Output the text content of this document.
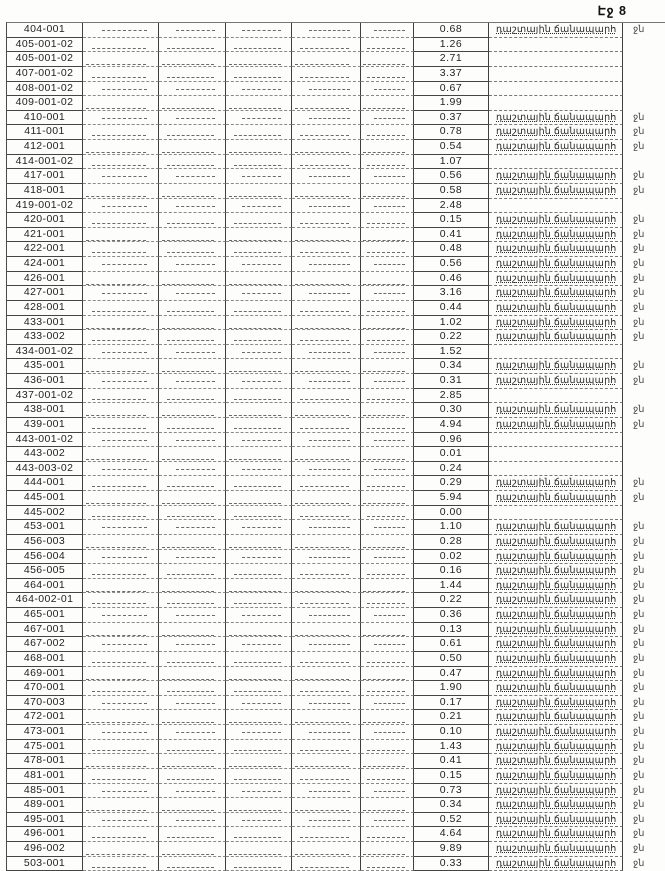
Էջ 8
404-001	0.68	դաշտային ճանապարհ	ջն
405-001-02	1.26
405-001-02	2.71
407-001-02	3.37
408-001-02	0.67
409-001-02	1.99
410-001	0.37	դաշտային ճանապարհ	ջն
411-001	0.78	դաշտային ճանապարհ	ջն
412-001	0.54	դաշտային ճանապարհ	ջն
414-001-02	1.07
417-001	0.56	դաշտային ճանապարհ	ջն
418-001	0.58	դաշտային ճանապարհ	ջն
419-001-02	2.48
420-001	0.15	դաշտային ճանապարհ	ջն
421-001	0.41	դաշտային ճանապարհ	ջն
422-001	0.48	դաշտային ճանապարհ	ջն
424-001	0.56	դաշտային ճանապարհ	ջն
426-001	0.46	դաշտային ճանապարհ	ջն
427-001	3.16	դաշտային ճանապարհ	ջն
428-001	0.44	դաշտային ճանապարհ	ջն
433-001	1.02	դաշտային ճանապարհ	ջն
433-002	0.22	դաշտային ճանապարհ	ջն
434-001-02	1.52
435-001	0.34	դաշտային ճանապարհ	ջն
436-001	0.31	դաշտային ճանապարհ	ջն
437-001-02	2.85
438-001	0.30	դաշտային ճանապարհ	ջն
439-001	4.94	դաշտային ճանապարհ	ջն
443-001-02	0.96
443-002	0.01
443-003-02	0.24
444-001	0.29	դաշտային ճանապարհ	ջն
445-001	5.94	դաշտային ճանապարհ	ջն
445-002	0.00
453-001	1.10	դաշտային ճանապարհ	ջն
456-003	0.28	դաշտային ճանապարհ	ջն
456-004	0.02	դաշտային ճանապարհ	ջն
456-005	0.16	դաշտային ճանապարհ	ջն
464-001	1.44	դաշտային ճանապարհ	ջն
464-002-01	0.22	դաշտային ճանապարհ	ջն
465-001	0.36	դաշտային ճանապարհ	ջն
467-001	0.13	դաշտային ճանապարհ	ջն
467-002	0.61	դաշտային ճանապարհ	ջն
468-001	0.50	դաշտային ճանապարհ	ջն
469-001	0.47	դաշտային ճանապարհ	ջն
470-001	1.90	դաշտային ճանապարհ	ջն
470-003	0.17	դաշտային ճանապարհ	ջն
472-001	0.21	դաշտային ճանապարհ	ջն
473-001	0.10	դաշտային ճանապարհ	ջն
475-001	1.43	դաշտային ճանապարհ	ջն
478-001	0.41	դաշտային ճանապարհ	ջն
481-001	0.15	դաշտային ճանապարհ	ջն
485-001	0.73	դաշտային ճանապարհ	ջն
489-001	0.34	դաշտային ճանապարհ	ջն
495-001	0.52	դաշտային ճանապարհ	ջն
496-001	4.64	դաշտային ճանապարհ	ջն
496-002	9.89	դաշտային ճանապարհ	ջն
503-001	0.33	դաշտային ճանապարհ	ջն
